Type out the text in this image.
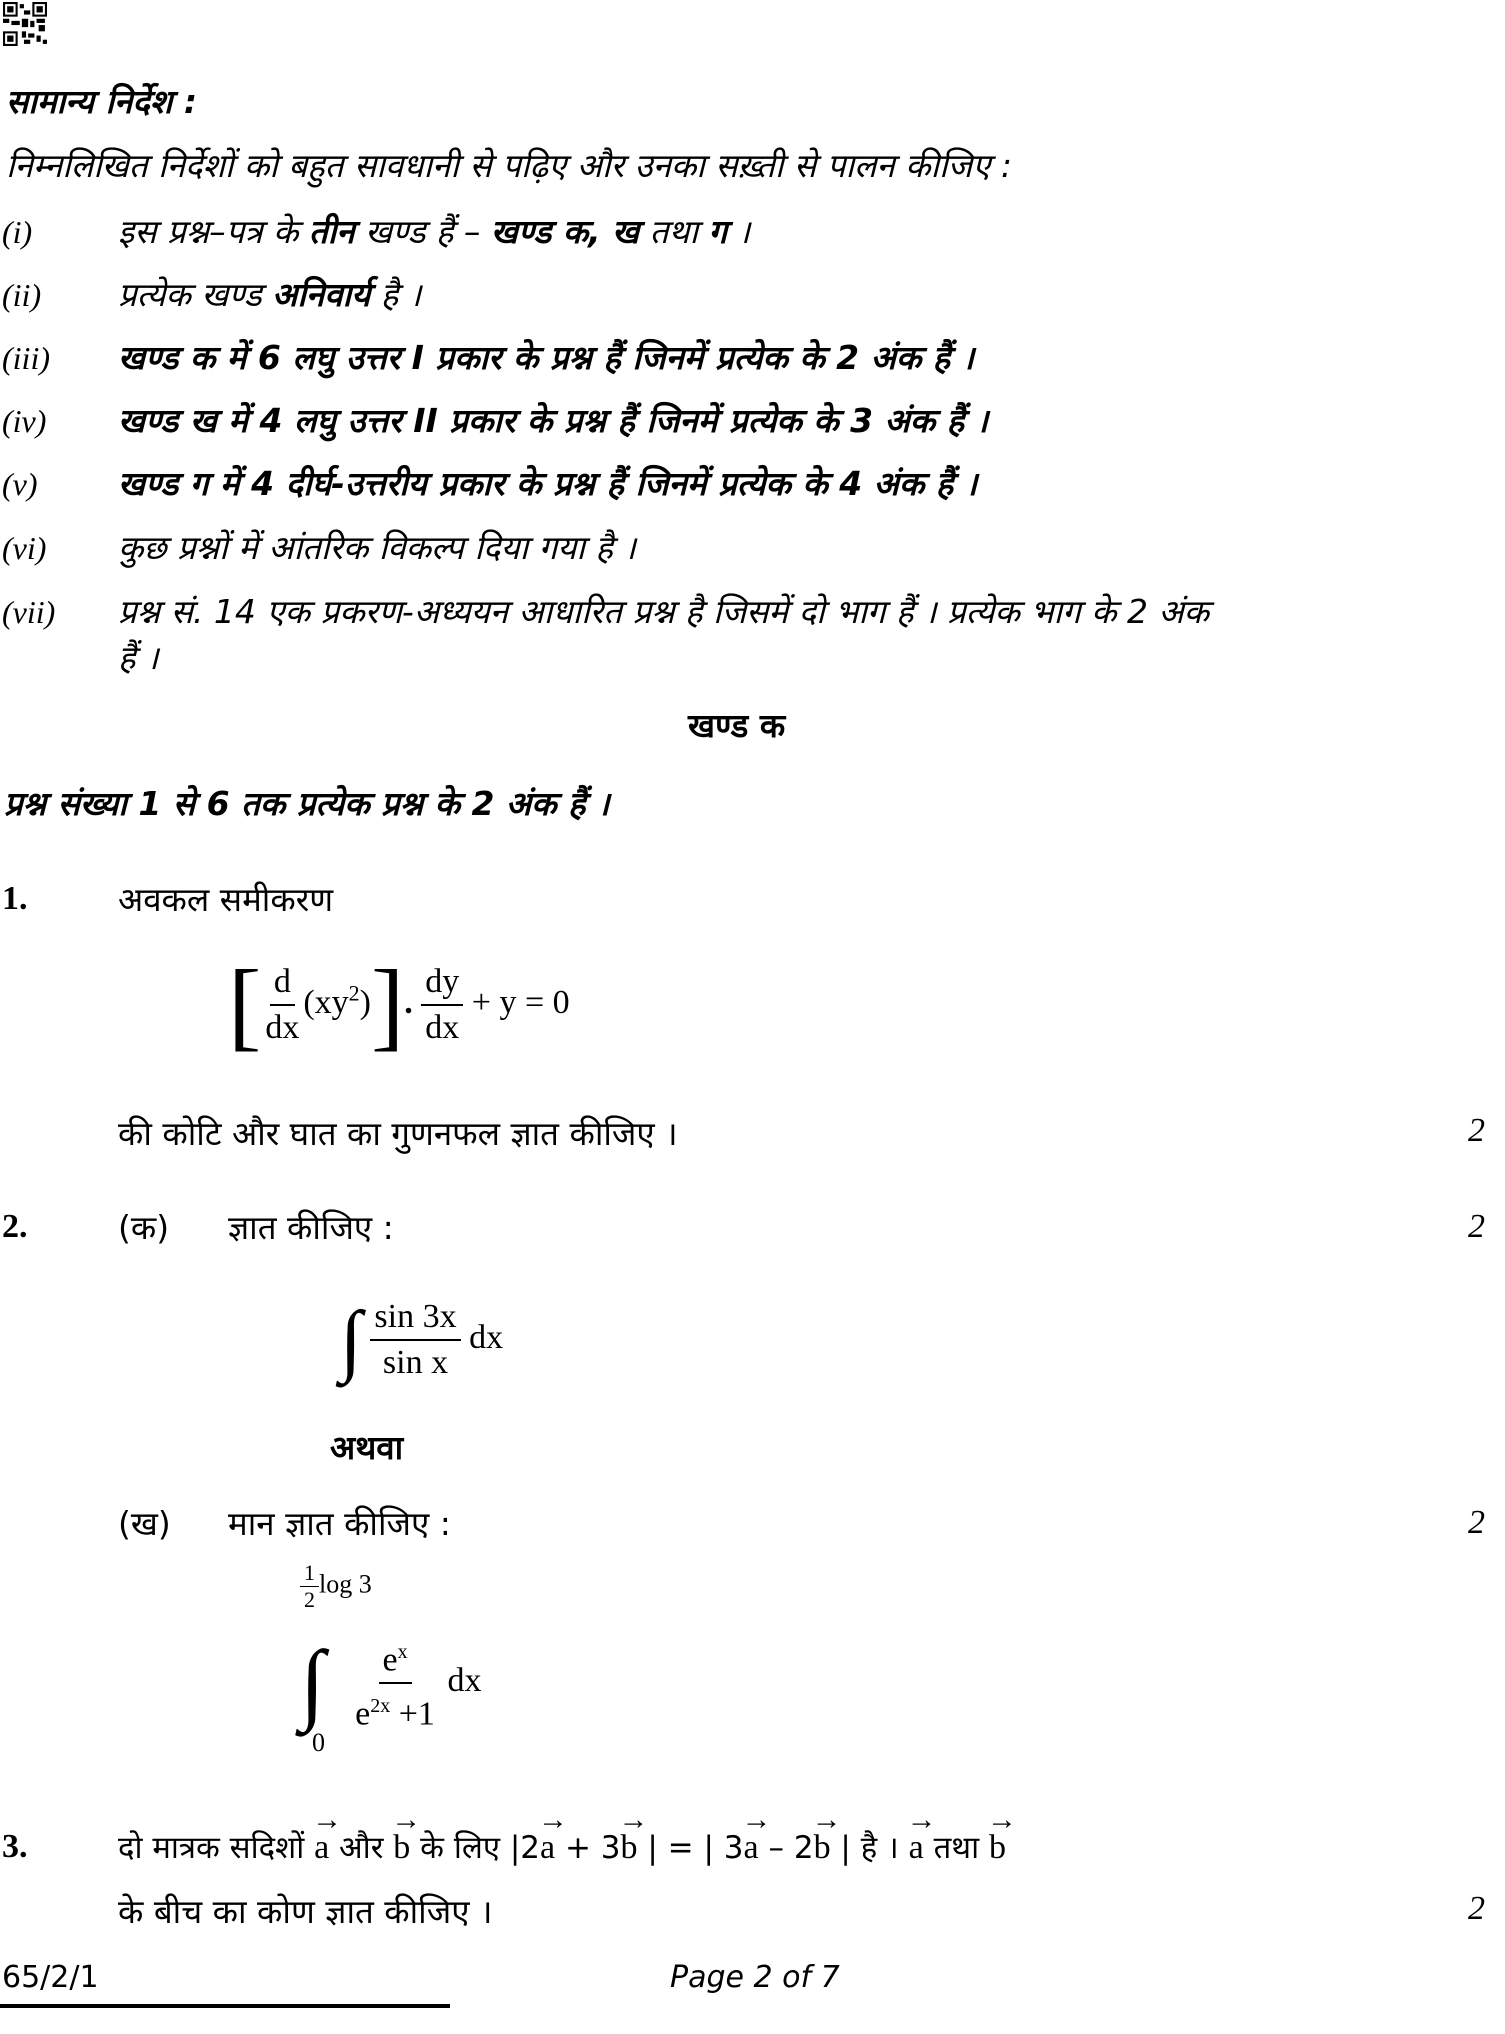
सामान्य निर्देश :
निम्नलिखित निर्देशों को बहुत सावधानी से पढ़िए और उनका सख़्ती से पालन कीजिए :
(i)	इस प्रश्न–पत्र के तीन खण्ड हैं – खण्ड क, ख तथा ग ।
(ii) प्रत्येक खण्ड अनिवार्य है ।
(iii) खण्ड क में 6 लघु उत्तर I प्रकार के प्रश्न हैं जिनमें प्रत्येक के 2 अंक हैं ।
(iv) खण्ड ख में 4 लघु उत्तर II प्रकार के प्रश्न हैं जिनमें प्रत्येक के 3 अंक हैं ।
(v) खण्ड ग में 4 दीर्घ-उत्तरीय प्रकार के प्रश्न हैं जिनमें प्रत्येक के 4 अंक हैं ।
(vi) कुछ प्रश्नों में आंतरिक विकल्प दिया गया है ।
(vii) प्रश्न सं. 14 एक प्रकरण-अध्ययन आधारित प्रश्न है जिसमें दो भाग हैं । प्रत्येक भाग के 2 अंक
हैं ।
खण्ड क
प्रश्न संख्या 1 से 6 तक प्रत्येक प्रश्न के 2 अंक हैं ।
1.	अवकल समीकरण
[ $\frac{d}{dx} (xy^2)$]. $\frac{dy}{dx} + y = 0$
की कोटि और घात का गुणनफल ज्ञात कीजिए ।	2
2.	(क) ज्ञात कीजिए :	2
∫ $\frac{\sin 3x}{\text{sin x}}$ dx
अथवा
(ख) मान ज्ञात कीजिए :	2
$\frac{1}{2}$ log 3
∫ $\frac{e^x}{e^{2x} +1}$ dx
0
3.	दो मात्रक सदिशों → a और → b के लिए |2→ a + 3→ b | = | 3→ a – 2→ b | है । → a तथा → b
के बीच का कोण ज्ञात कीजिए ।	2
65/2/1	Page 2 of 7
